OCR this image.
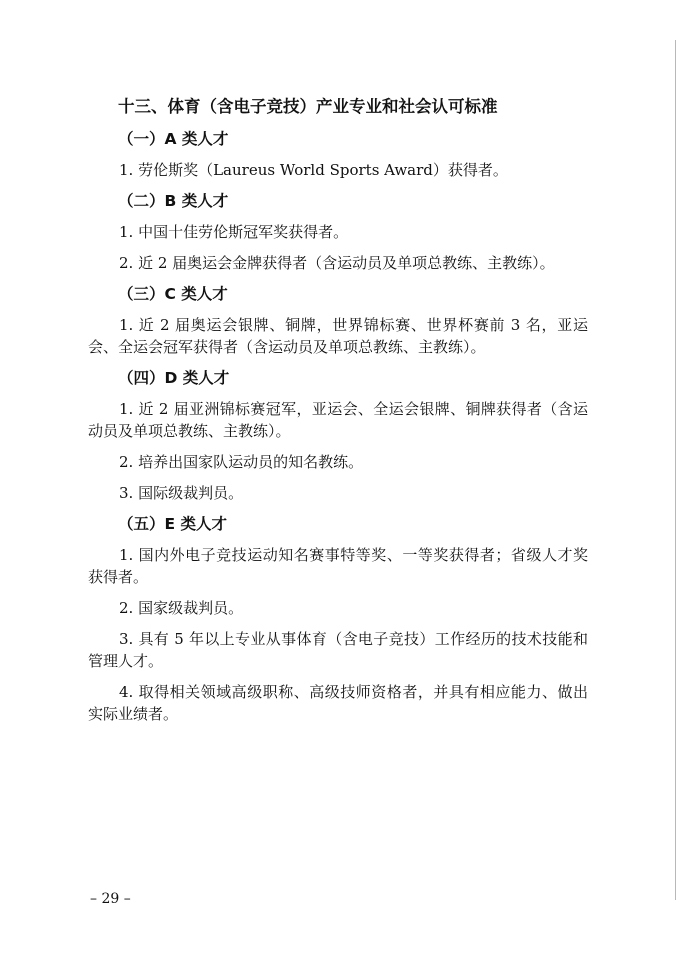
十三、体育（含电子竞技）产业专业和社会认可标准
（一）A 类人才

1. 劳伦斯奖（Laureus World Sports Award）获得者。

（二）B 类人才

1. 中国十佳劳伦斯冠军奖获得者。

2. 近 2 届奥运会金牌获得者（含运动员及单项总教练、主教练）。

（三）C 类人才

1. 近 2 届奥运会银牌、铜牌，世界锦标赛、世界杯赛前 3 名，亚运会、全运会冠军获得者（含运动员及单项总教练、主教练）。

（四）D 类人才

1. 近 2 届亚洲锦标赛冠军，亚运会、全运会银牌、铜牌获得者（含运动员及单项总教练、主教练）。

2. 培养出国家队运动员的知名教练。

3. 国际级裁判员。

（五）E 类人才

1. 国内外电子竞技运动知名赛事特等奖、一等奖获得者；省级人才奖获得者。

2. 国家级裁判员。

3. 具有 5 年以上专业从事体育（含电子竞技）工作经历的技术技能和管理人才。

4. 取得相关领域高级职称、高级技师资格者，并具有相应能力、做出实际业绩者。

– 29 –
